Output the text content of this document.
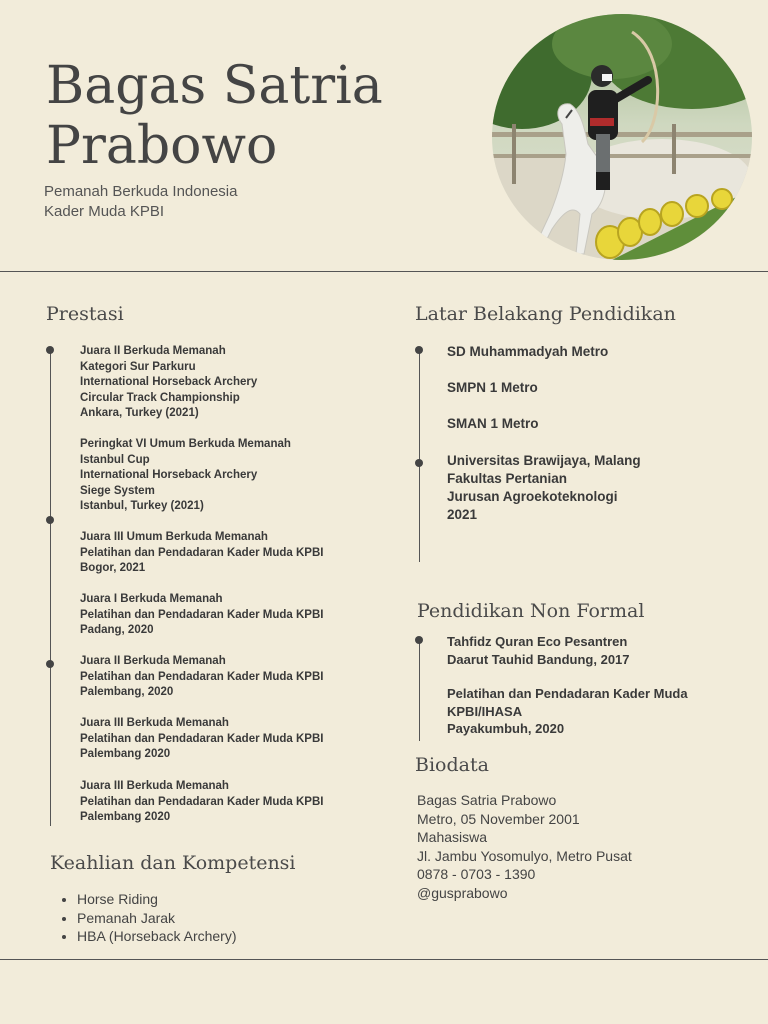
Bagas Satria
Prabowo
Pemanah Berkuda Indonesia
Kader Muda KPBI
Prestasi
Juara II Berkuda Memanah
Kategori Sur Parkuru
International Horseback Archery
Circular Track Championship
Ankara, Turkey (2021)
Peringkat VI Umum Berkuda Memanah
Istanbul Cup
International Horseback Archery
Siege System
Istanbul, Turkey (2021)
Juara III Umum Berkuda Memanah
Pelatihan dan Pendadaran Kader Muda KPBI
Bogor, 2021
Juara I Berkuda Memanah
Pelatihan dan Pendadaran Kader Muda KPBI
Padang, 2020
Juara II Berkuda Memanah
Pelatihan dan Pendadaran Kader Muda KPBI
Palembang, 2020
Juara III Berkuda Memanah
Pelatihan dan Pendadaran Kader Muda KPBI
Palembang 2020
Juara III Berkuda Memanah
Pelatihan dan Pendadaran Kader Muda KPBI
Palembang 2020
Keahlian dan Kompetensi
• Horse Riding
• Pemanah Jarak
• HBA (Horseback Archery)
Latar Belakang Pendidikan
SD Muhammadyah Metro
SMPN 1 Metro
SMAN 1 Metro
Universitas Brawijaya, Malang
Fakultas Pertanian
Jurusan Agroekoteknologi
2021
Pendidikan Non Formal
Tahfidz Quran Eco Pesantren
Daarut Tauhid Bandung, 2017
Pelatihan dan Pendadaran Kader Muda
KPBI/IHASA
Payakumbuh, 2020
Biodata
Bagas Satria Prabowo
Metro, 05 November 2001
Mahasiswa
Jl. Jambu Yosomulyo, Metro Pusat
0878 - 0703 - 1390
@gusprabowo
